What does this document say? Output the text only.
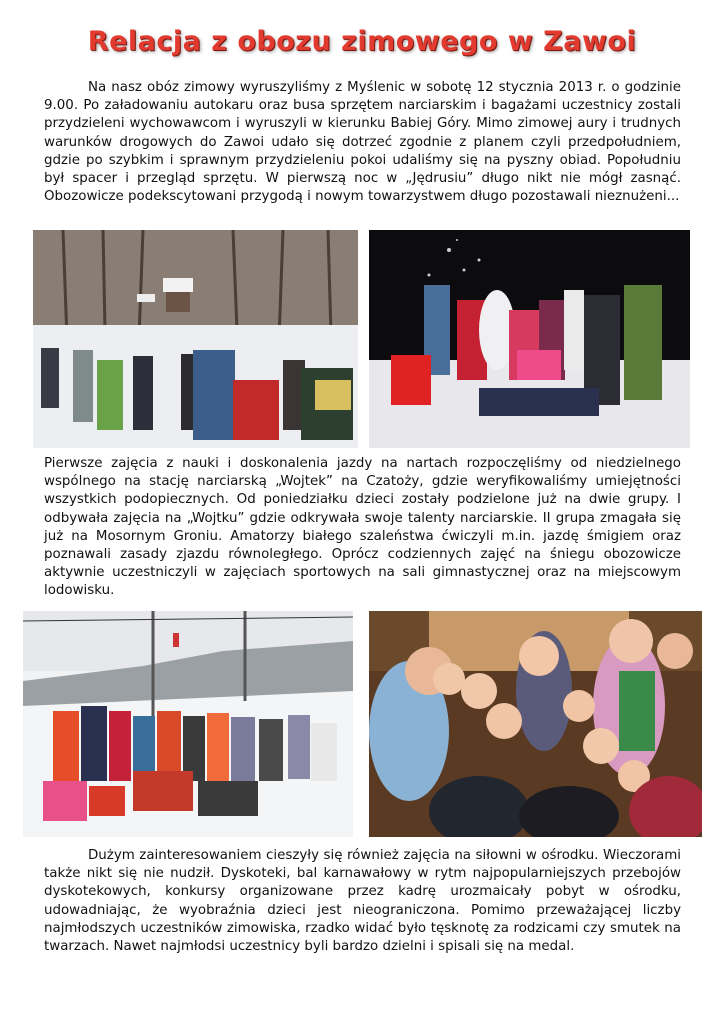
Relacja z obozu zimowego w Zawoi

Na nasz obóz zimowy wyruszyliśmy z Myślenic w sobotę 12 stycznia 2013 r. o godzinie 9.00. Po załadowaniu autokaru oraz busa sprzętem narciarskim i bagażami uczestnicy zostali przydzieleni wychowawcom i wyruszyli w kierunku Babiej Góry. Mimo zimowej aury i trudnych warunków drogowych do Zawoi udało się dotrzeć zgodnie z planem czyli przedpołudniem, gdzie po szybkim i sprawnym przydzieleniu pokoi udaliśmy się na pyszny obiad. Popołudniu był spacer i przegląd sprzętu. W pierwszą noc w „Jędrusiu” długo nikt nie mógł zasnąć. Obozowicze podekscytowani przygodą i nowym towarzystwem długo pozostawali nieznużeni...

Pierwsze zajęcia z nauki i doskonalenia jazdy na nartach rozpoczęliśmy od niedzielnego wspólnego na stację narciarską „Wojtek” na Czatoży, gdzie weryfikowaliśmy umiejętności wszystkich podopiecznych. Od poniedziałku dzieci zostały podzielone już na dwie grupy. I odbywała zajęcia na „Wojtku” gdzie odkrywała swoje talenty narciarskie. II grupa zmagała się już na Mosornym Groniu. Amatorzy białego szaleństwa ćwiczyli m.in. jazdę śmigiem oraz poznawali zasady zjazdu równoległego. Oprócz codziennych zajęć na śniegu obozowicze aktywnie uczestniczyli w zajęciach sportowych na sali gimnastycznej oraz na miejscowym lodowisku.

Dużym zainteresowaniem cieszyły się również zajęcia na siłowni w ośrodku. Wieczorami także nikt się nie nudził. Dyskoteki, bal karnawałowy w rytm najpopularniejszych przebojów dyskotekowych, konkursy organizowane przez kadrę urozmaicały pobyt w ośrodku, udowadniając, że wyobraźnia dzieci jest nieograniczona. Pomimo przeważającej liczby najmłodszych uczestników zimowiska, rzadko widać było tęsknotę za rodzicami czy smutek na twarzach. Nawet najmłodsi uczestnicy byli bardzo dzielni i spisali się na medal.
